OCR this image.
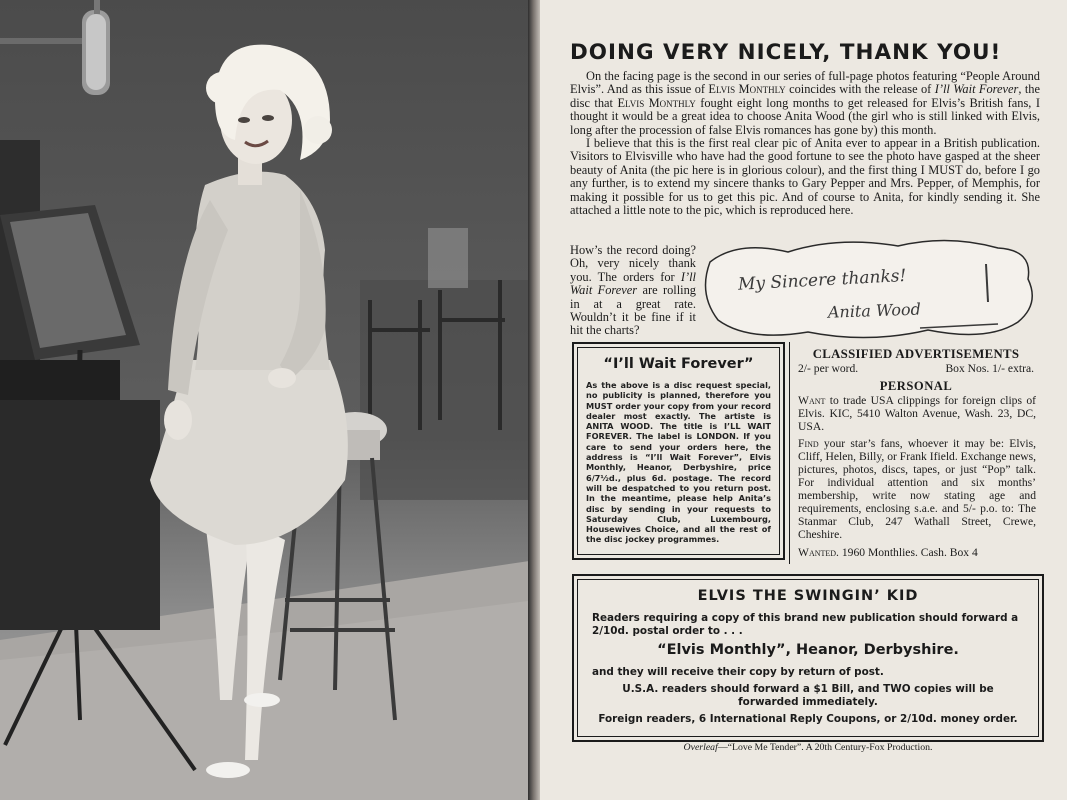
DOING VERY NICELY, THANK YOU!

On the facing page is the second in our series of full-page photos featuring “People Around Elvis”. And as this issue of Elvis Monthly coincides with the release of I’ll Wait Forever, the disc that Elvis Monthly fought eight long months to get released for Elvis’s British fans, I thought it would be a great idea to choose Anita Wood (the girl who is still linked with Elvis, long after the procession of false Elvis romances has gone by) this month.

I believe that this is the first real clear pic of Anita ever to appear in a British publication. Visitors to Elvisville who have had the good fortune to see the photo have gasped at the sheer beauty of Anita (the pic here is in glorious colour), and the first thing I MUST do, before I go any further, is to extend my sincere thanks to Gary Pepper and Mrs. Pepper, of Memphis, for making it possible for us to get this pic. And of course to Anita, for kindly sending it. She attached a little note to the pic, which is reproduced here.

How’s the record doing? Oh, very nicely thank you. The orders for I’ll Wait Forever are rolling in at a great rate. Wouldn’t it be fine if it hit the charts?
My Sincere thanks!
Anita Wood
“I’ll Wait Forever”
As the above is a disc request special, no publicity is planned, therefore you MUST order your copy from your record dealer most exactly. The artiste is ANITA WOOD. The title is I’LL WAIT FOREVER. The label is LONDON. If you care to send your orders here, the address is “I’ll Wait Forever”, Elvis Monthly, Heanor, Derbyshire, price 6/7½d., plus 6d. postage. The record will be despatched to you return post. In the meantime, please help Anita’s disc by sending in your requests to Saturday Club, Luxembourg, Housewives Choice, and all the rest of the disc jockey programmes.
CLASSIFIED ADVERTISEMENTS
2/- per word.	Box Nos. 1/- extra.
PERSONAL

Want to trade USA clippings for foreign clips of Elvis. KIC, 5410 Walton Avenue, Wash. 23, DC, USA.

Find your star’s fans, whoever it may be: Elvis, Cliff, Helen, Billy, or Frank Ifield. Exchange news, pictures, photos, discs, tapes, or just “Pop” talk. For individual attention and six months’ membership, write now stating age and requirements, enclosing s.a.e. and 5/- p.o. to: The Stanmar Club, 247 Wathall Street, Crewe, Cheshire.

Wanted. 1960 Monthlies. Cash. Box 4

ELVIS THE SWINGIN’ KID

Readers requiring a copy of this brand new publication should forward a 2/10d. postal order to . . .

“Elvis Monthly”, Heanor, Derbyshire.

and they will receive their copy by return of post.

U.S.A. readers should forward a $1 Bill, and TWO copies will be forwarded immediately.

Foreign readers, 6 International Reply Coupons, or 2/10d. money order.

Overleaf—“Love Me Tender”. A 20th Century-Fox Production.
